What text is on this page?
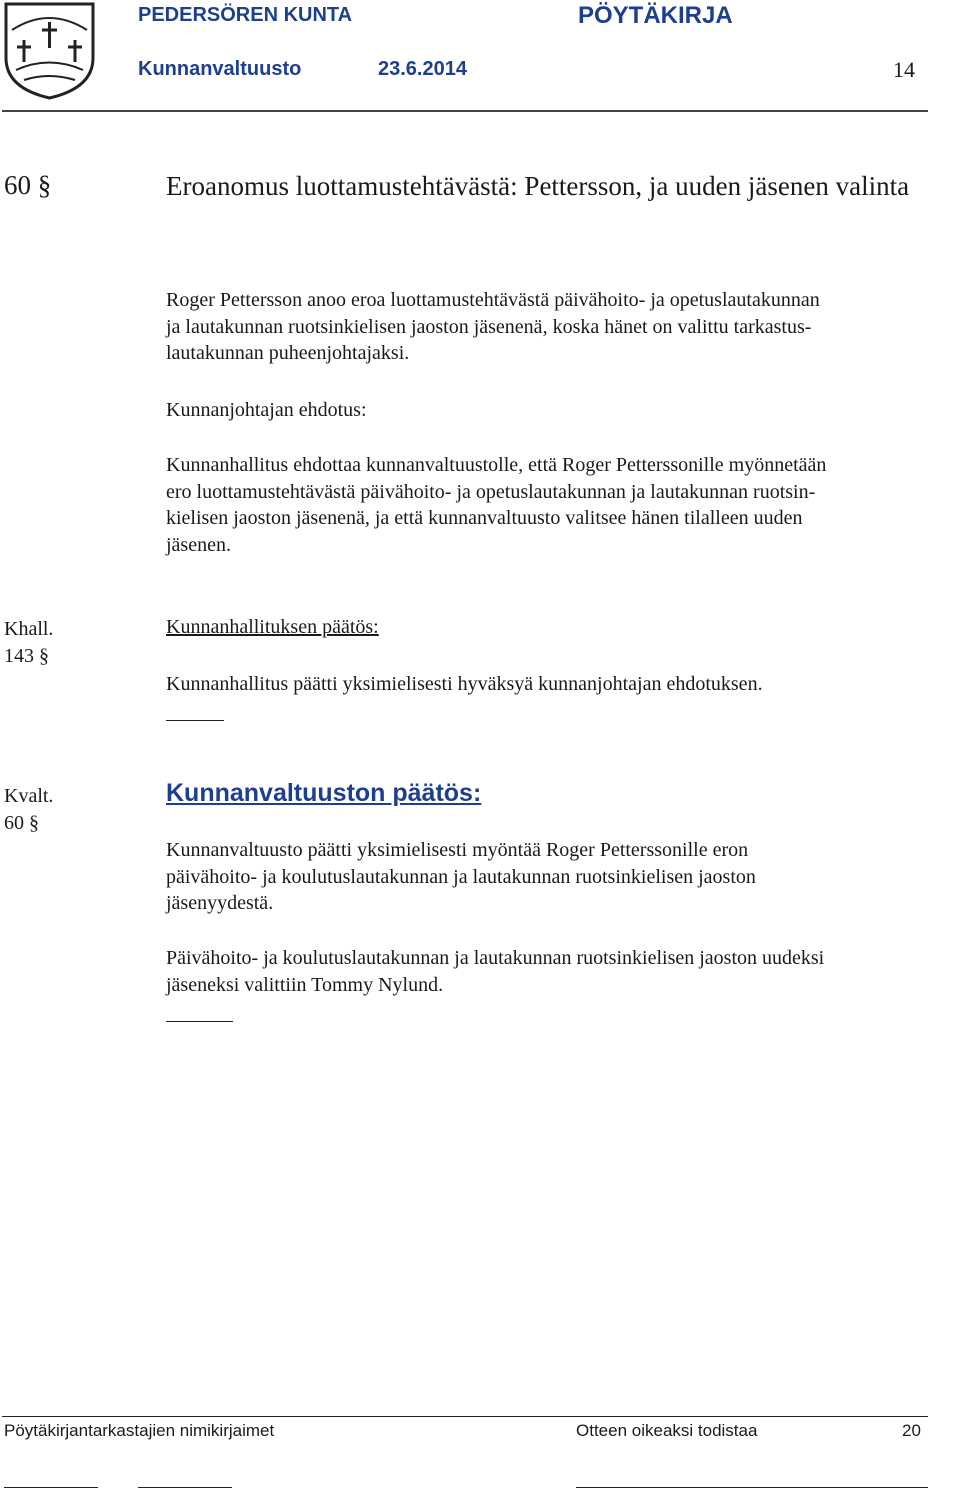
PEDERSÖREN KUNTA	PÖYTÄKIRJA
Kunnanvaltuusto	23.6.2014	14
60 §	Eroanomus luottamustehtävästä: Pettersson, ja uuden jäsenen valinta
Roger Pettersson anoo eroa luottamustehtävästä päivähoito- ja opetuslautakunnan
ja lautakunnan ruotsinkielisen jaoston jäsenenä, koska hänet on valittu tarkastus-
lautakunnan puheenjohtajaksi.
Kunnanjohtajan ehdotus:
Kunnanhallitus ehdottaa kunnanvaltuustolle, että Roger Petterssonille myönnetään
ero luottamustehtävästä päivähoito- ja opetuslautakunnan ja lautakunnan ruotsin-
kielisen jaoston jäsenenä, ja että kunnanvaltuusto valitsee hänen tilalleen uuden
jäsenen.
Khall.
143 §
Kunnanhallituksen päätös:
Kunnanhallitus päätti yksimielisesti hyväksyä kunnanjohtajan ehdotuksen.
Kvalt.
60 §
Kunnanvaltuuston päätös:
Kunnanvaltuusto päätti yksimielisesti myöntää Roger Petterssonille eron
päivähoito- ja koulutuslautakunnan ja lautakunnan ruotsinkielisen jaoston
jäsenyydestä.
Päivähoito- ja koulutuslautakunnan ja lautakunnan ruotsinkielisen jaoston uudeksi
jäseneksi valittiin Tommy Nylund.
Pöytäkirjantarkastajien nimikirjaimet	Otteen oikeaksi todistaa	20
